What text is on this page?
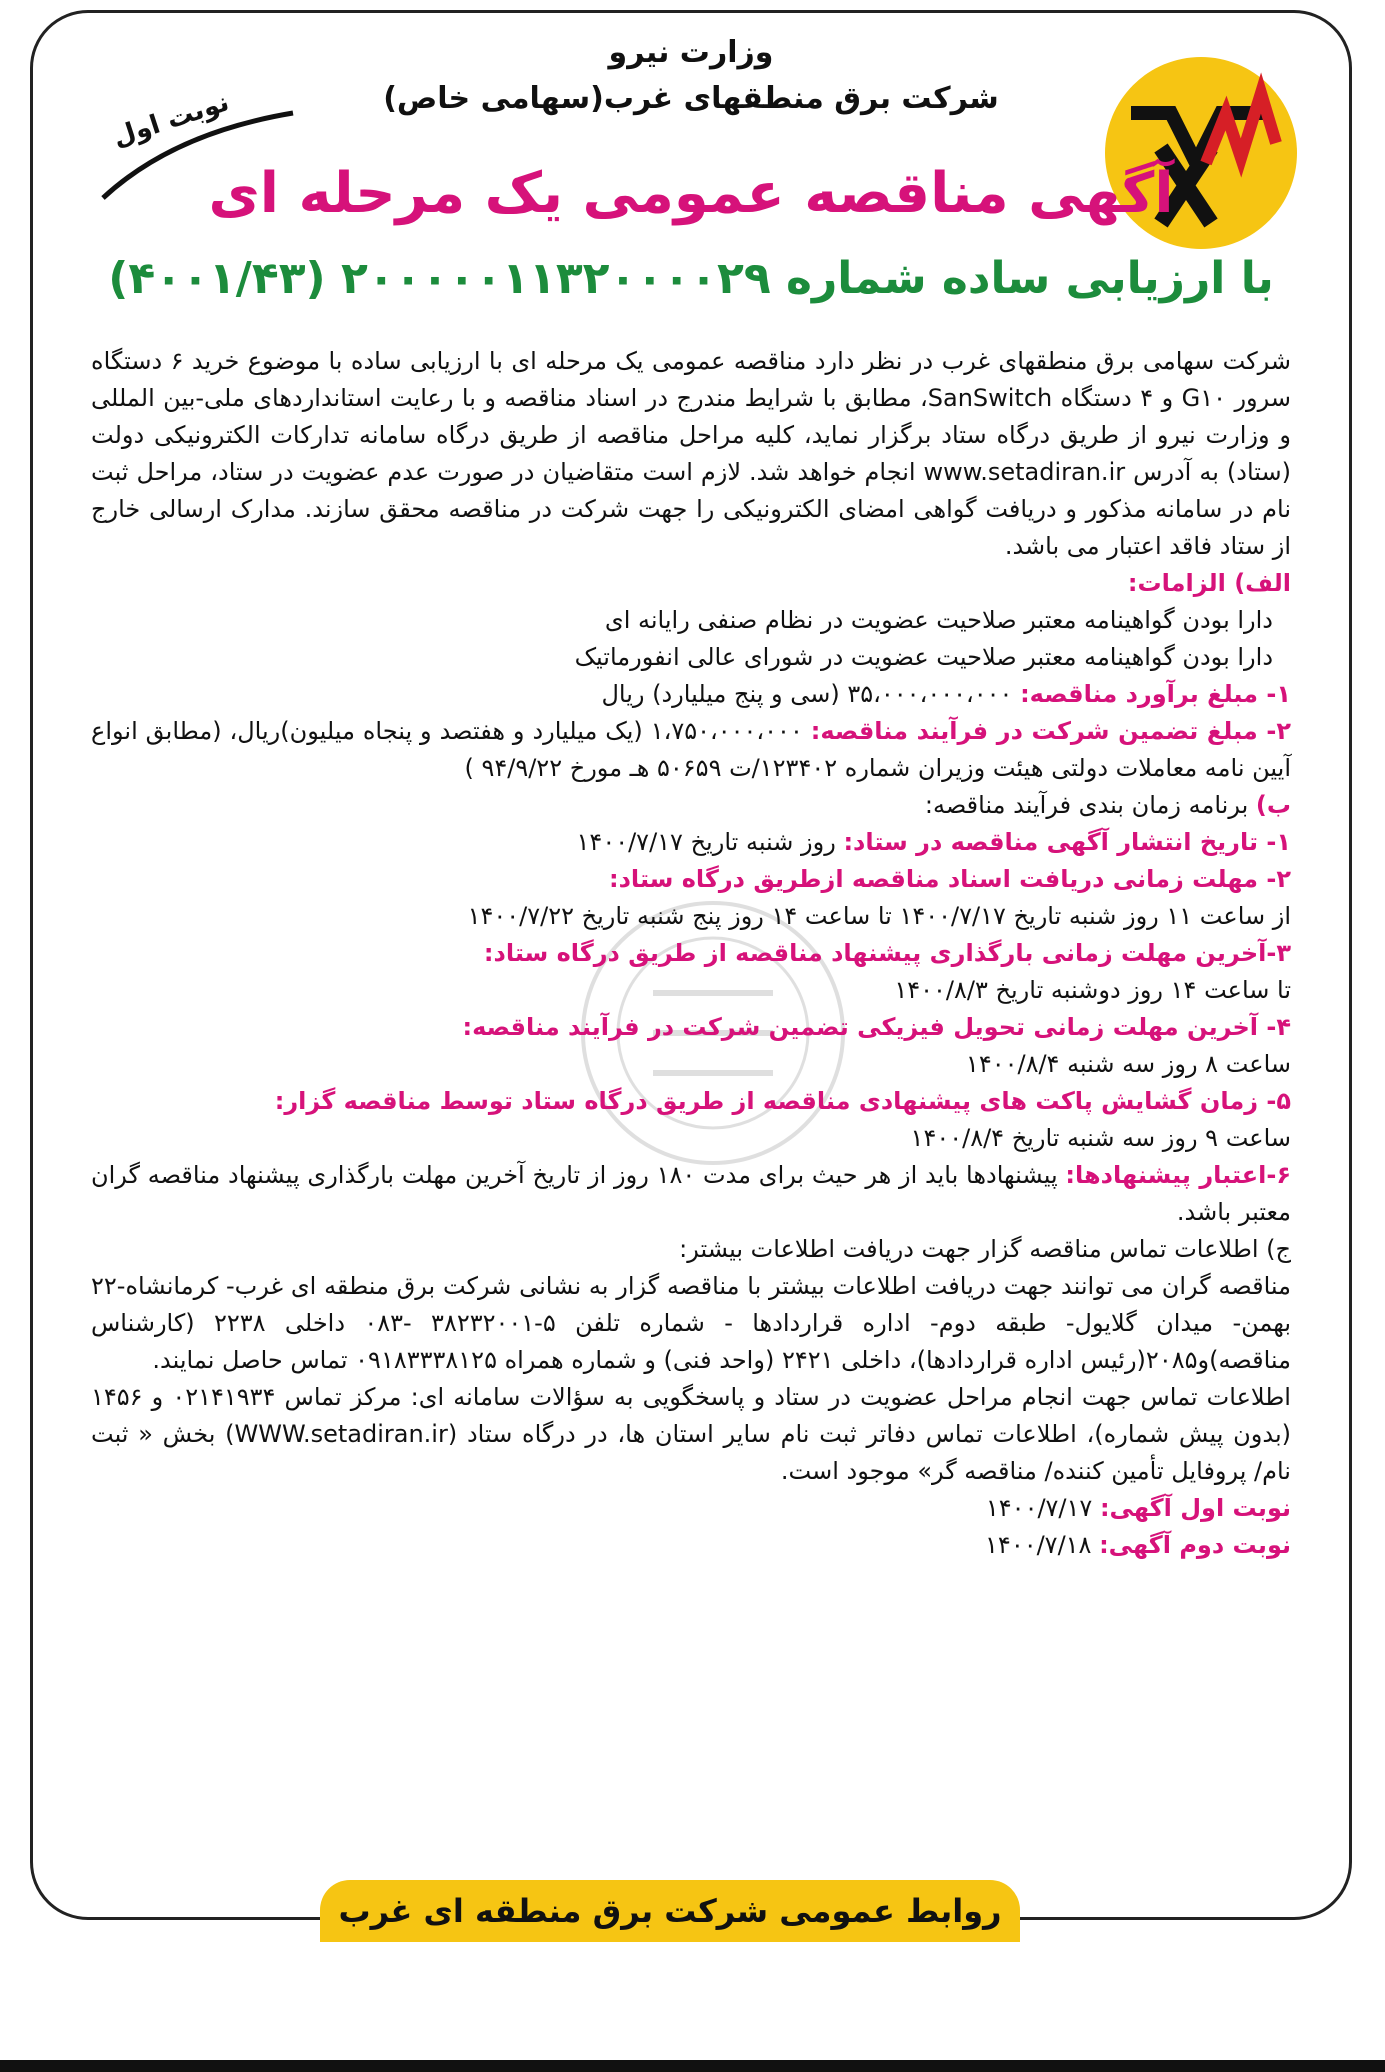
وزارت نیرو
شرکت برق منطقهای غرب(سهامی خاص)
نوبت اول
آگهی مناقصه عمومی یک مرحله ای
با ارزیابی ساده شماره ۲۰۰۰۰۰۱۱۳۲۰۰۰۰۲۹ (۴۰۰۱/۴۳)

شرکت سهامی برق منطقهای غرب در نظر دارد مناقصه عمومی یک مرحله ای با ارزیابی ساده با موضوع خرید ۶ دستگاه سرور G۱۰ و ۴ دستگاه SanSwitch، مطابق با شرایط مندرج در اسناد مناقصه و با رعایت استانداردهای ملی-بین المللی و وزارت نیرو از طریق درگاه ستاد برگزار نماید، کلیه مراحل مناقصه از طریق درگاه سامانه تدارکات الکترونیکی دولت (ستاد) به آدرس www.setadiran.ir انجام خواهد شد. لازم است متقاضیان در صورت عدم عضویت در ستاد، مراحل ثبت نام در سامانه مذکور و دریافت گواهی امضای الکترونیکی را جهت شرکت در مناقصه محقق سازند. مدارک ارسالی خارج از ستاد فاقد اعتبار می باشد.

الف) الزامات:

دارا بودن گواهینامه معتبر صلاحیت عضویت در نظام صنفی رایانه ای

دارا بودن گواهینامه معتبر صلاحیت عضویت در شورای عالی انفورماتیک

۱- مبلغ برآورد مناقصه: ۳۵،۰۰۰،۰۰۰،۰۰۰ (سی و پنج میلیارد) ریال

۲- مبلغ تضمین شرکت در فرآیند مناقصه: ۱،۷۵۰،۰۰۰،۰۰۰ (یک میلیارد و هفتصد و پنجاه میلیون)ریال، (مطابق انواع آیین نامه معاملات دولتی هیئت وزیران شماره ۱۲۳۴۰۲/ت ۵۰۶۵۹ هـ مورخ ۹۴/۹/۲۲ )

ب) برنامه زمان بندی فرآیند مناقصه:

۱- تاریخ انتشار آگهی مناقصه در ستاد: روز شنبه تاریخ ۱۴۰۰/۷/۱۷

۲- مهلت زمانی دریافت اسناد مناقصه ازطریق درگاه ستاد:

از ساعت ۱۱ روز شنبه تاریخ ۱۴۰۰/۷/۱۷ تا ساعت ۱۴ روز پنج شنبه تاریخ ۱۴۰۰/۷/۲۲

۳-آخرین مهلت زمانی بارگذاری پیشنهاد مناقصه از طریق درگاه ستاد:

تا ساعت ۱۴ روز دوشنبه تاریخ ۱۴۰۰/۸/۳

۴- آخرین مهلت زمانی تحویل فیزیکی تضمین شرکت در فرآیند مناقصه:

ساعت ۸ روز سه شنبه ۱۴۰۰/۸/۴

۵- زمان گشایش پاکت های پیشنهادی مناقصه از طریق درگاه ستاد توسط مناقصه گزار:

ساعت ۹ روز سه شنبه تاریخ ۱۴۰۰/۸/۴

۶-اعتبار پیشنهادها: پیشنهادها باید از هر حیث برای مدت ۱۸۰ روز از تاریخ آخرین مهلت بارگذاری پیشنهاد مناقصه گران معتبر باشد.

ج) اطلاعات تماس مناقصه گزار جهت دریافت اطلاعات بیشتر:

مناقصه گران می توانند جهت دریافت اطلاعات بیشتر با مناقصه گزار به نشانی شرکت برق منطقه ای غرب- کرمانشاه-۲۲ بهمن- میدان گلایول- طبقه دوم- اداره قراردادها - شماره تلفن ۵-۳۸۲۳۲۰۰۱ -۰۸۳ داخلی ۲۲۳۸ (کارشناس مناقصه)و۲۰۸۵(رئیس اداره قراردادها)، داخلی ۲۴۲۱ (واحد فنی) و شماره همراه ۰۹۱۸۳۳۳۸۱۲۵ تماس حاصل نمایند.

اطلاعات تماس جهت انجام مراحل عضویت در ستاد و پاسخگویی به سؤالات سامانه ای: مرکز تماس ۰۲۱۴۱۹۳۴ و ۱۴۵۶ (بدون پیش شماره)، اطلاعات تماس دفاتر ثبت نام سایر استان ها، در درگاه ستاد (WWW.setadiran.ir) بخش « ثبت نام/ پروفایل تأمین کننده/ مناقصه گر» موجود است.

نوبت اول آگهی: ۱۴۰۰/۷/۱۷

نوبت دوم آگهی: ۱۴۰۰/۷/۱۸

روابط عمومی شرکت برق منطقه ای غرب
